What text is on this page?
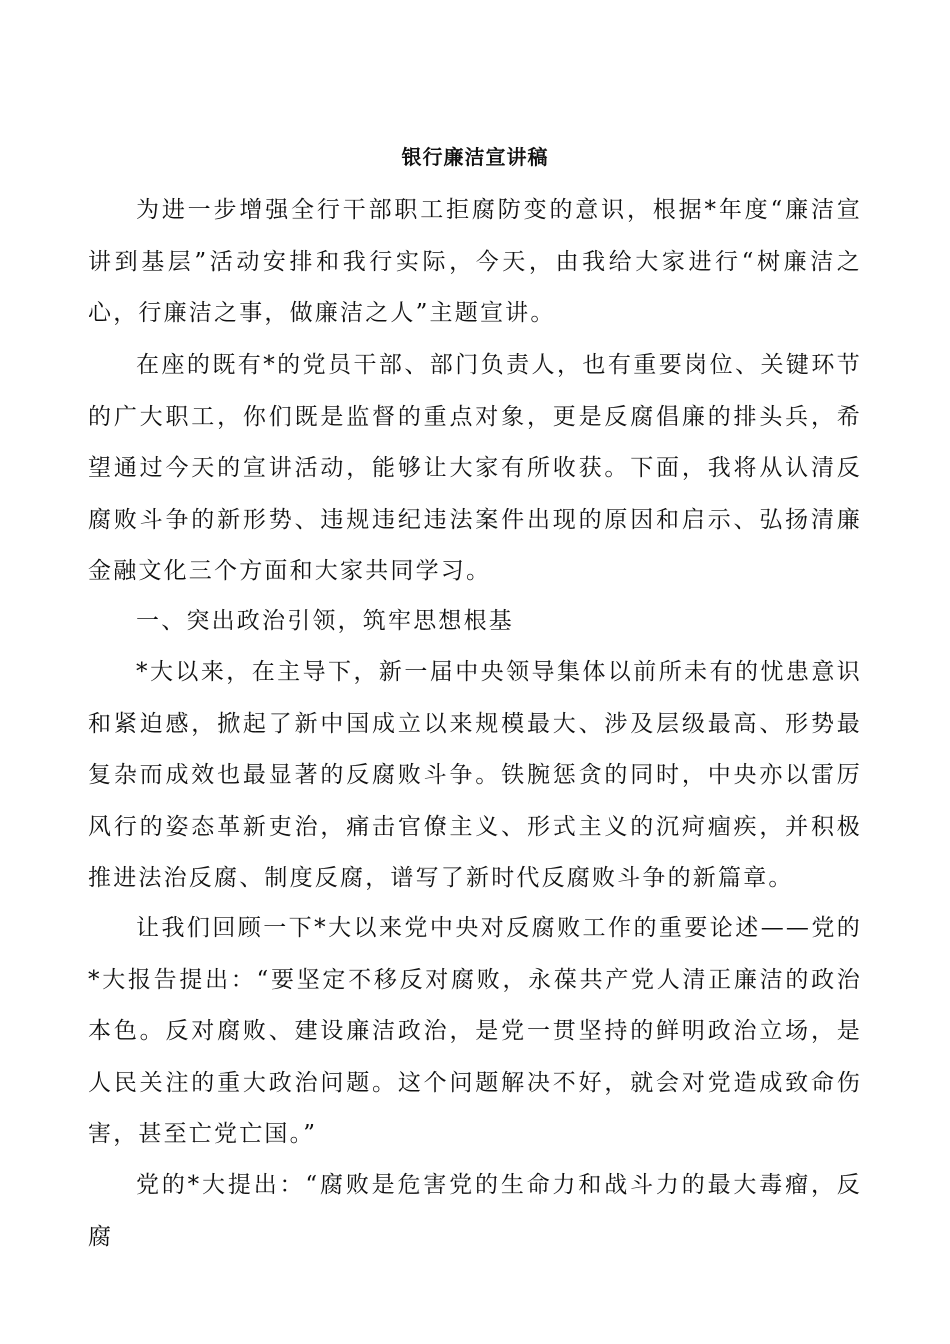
银行廉洁宣讲稿

为进一步增强全行干部职工拒腐防变的意识，根据*年度“廉洁宣讲到基层”活动安排和我行实际，今天，由我给大家进行“树廉洁之心，行廉洁之事，做廉洁之人”主题宣讲。

在座的既有*的党员干部、部门负责人，也有重要岗位、关键环节的广大职工，你们既是监督的重点对象，更是反腐倡廉的排头兵，希望通过今天的宣讲活动，能够让大家有所收获。下面，我将从认清反腐败斗争的新形势、违规违纪违法案件出现的原因和启示、弘扬清廉金融文化三个方面和大家共同学习。

一、突出政治引领，筑牢思想根基

*大以来，在主导下，新一届中央领导集体以前所未有的忧患意识和紧迫感，掀起了新中国成立以来规模最大、涉及层级最高、形势最复杂而成效也最显著的反腐败斗争。铁腕惩贪的同时，中央亦以雷厉风行的姿态革新吏治，痛击官僚主义、形式主义的沉疴痼疾，并积极推进法治反腐、制度反腐，谱写了新时代反腐败斗争的新篇章。

让我们回顾一下*大以来党中央对反腐败工作的重要论述——党的*大报告提出：“要坚定不移反对腐败，永葆共产党人清正廉洁的政治本色。反对腐败、建设廉洁政治，是党一贯坚持的鲜明政治立场，是人民关注的重大政治问题。这个问题解决不好，就会对党造成致命伤害，甚至亡党亡国。”

党的*大提出：“腐败是危害党的生命力和战斗力的最大毒瘤，反腐
